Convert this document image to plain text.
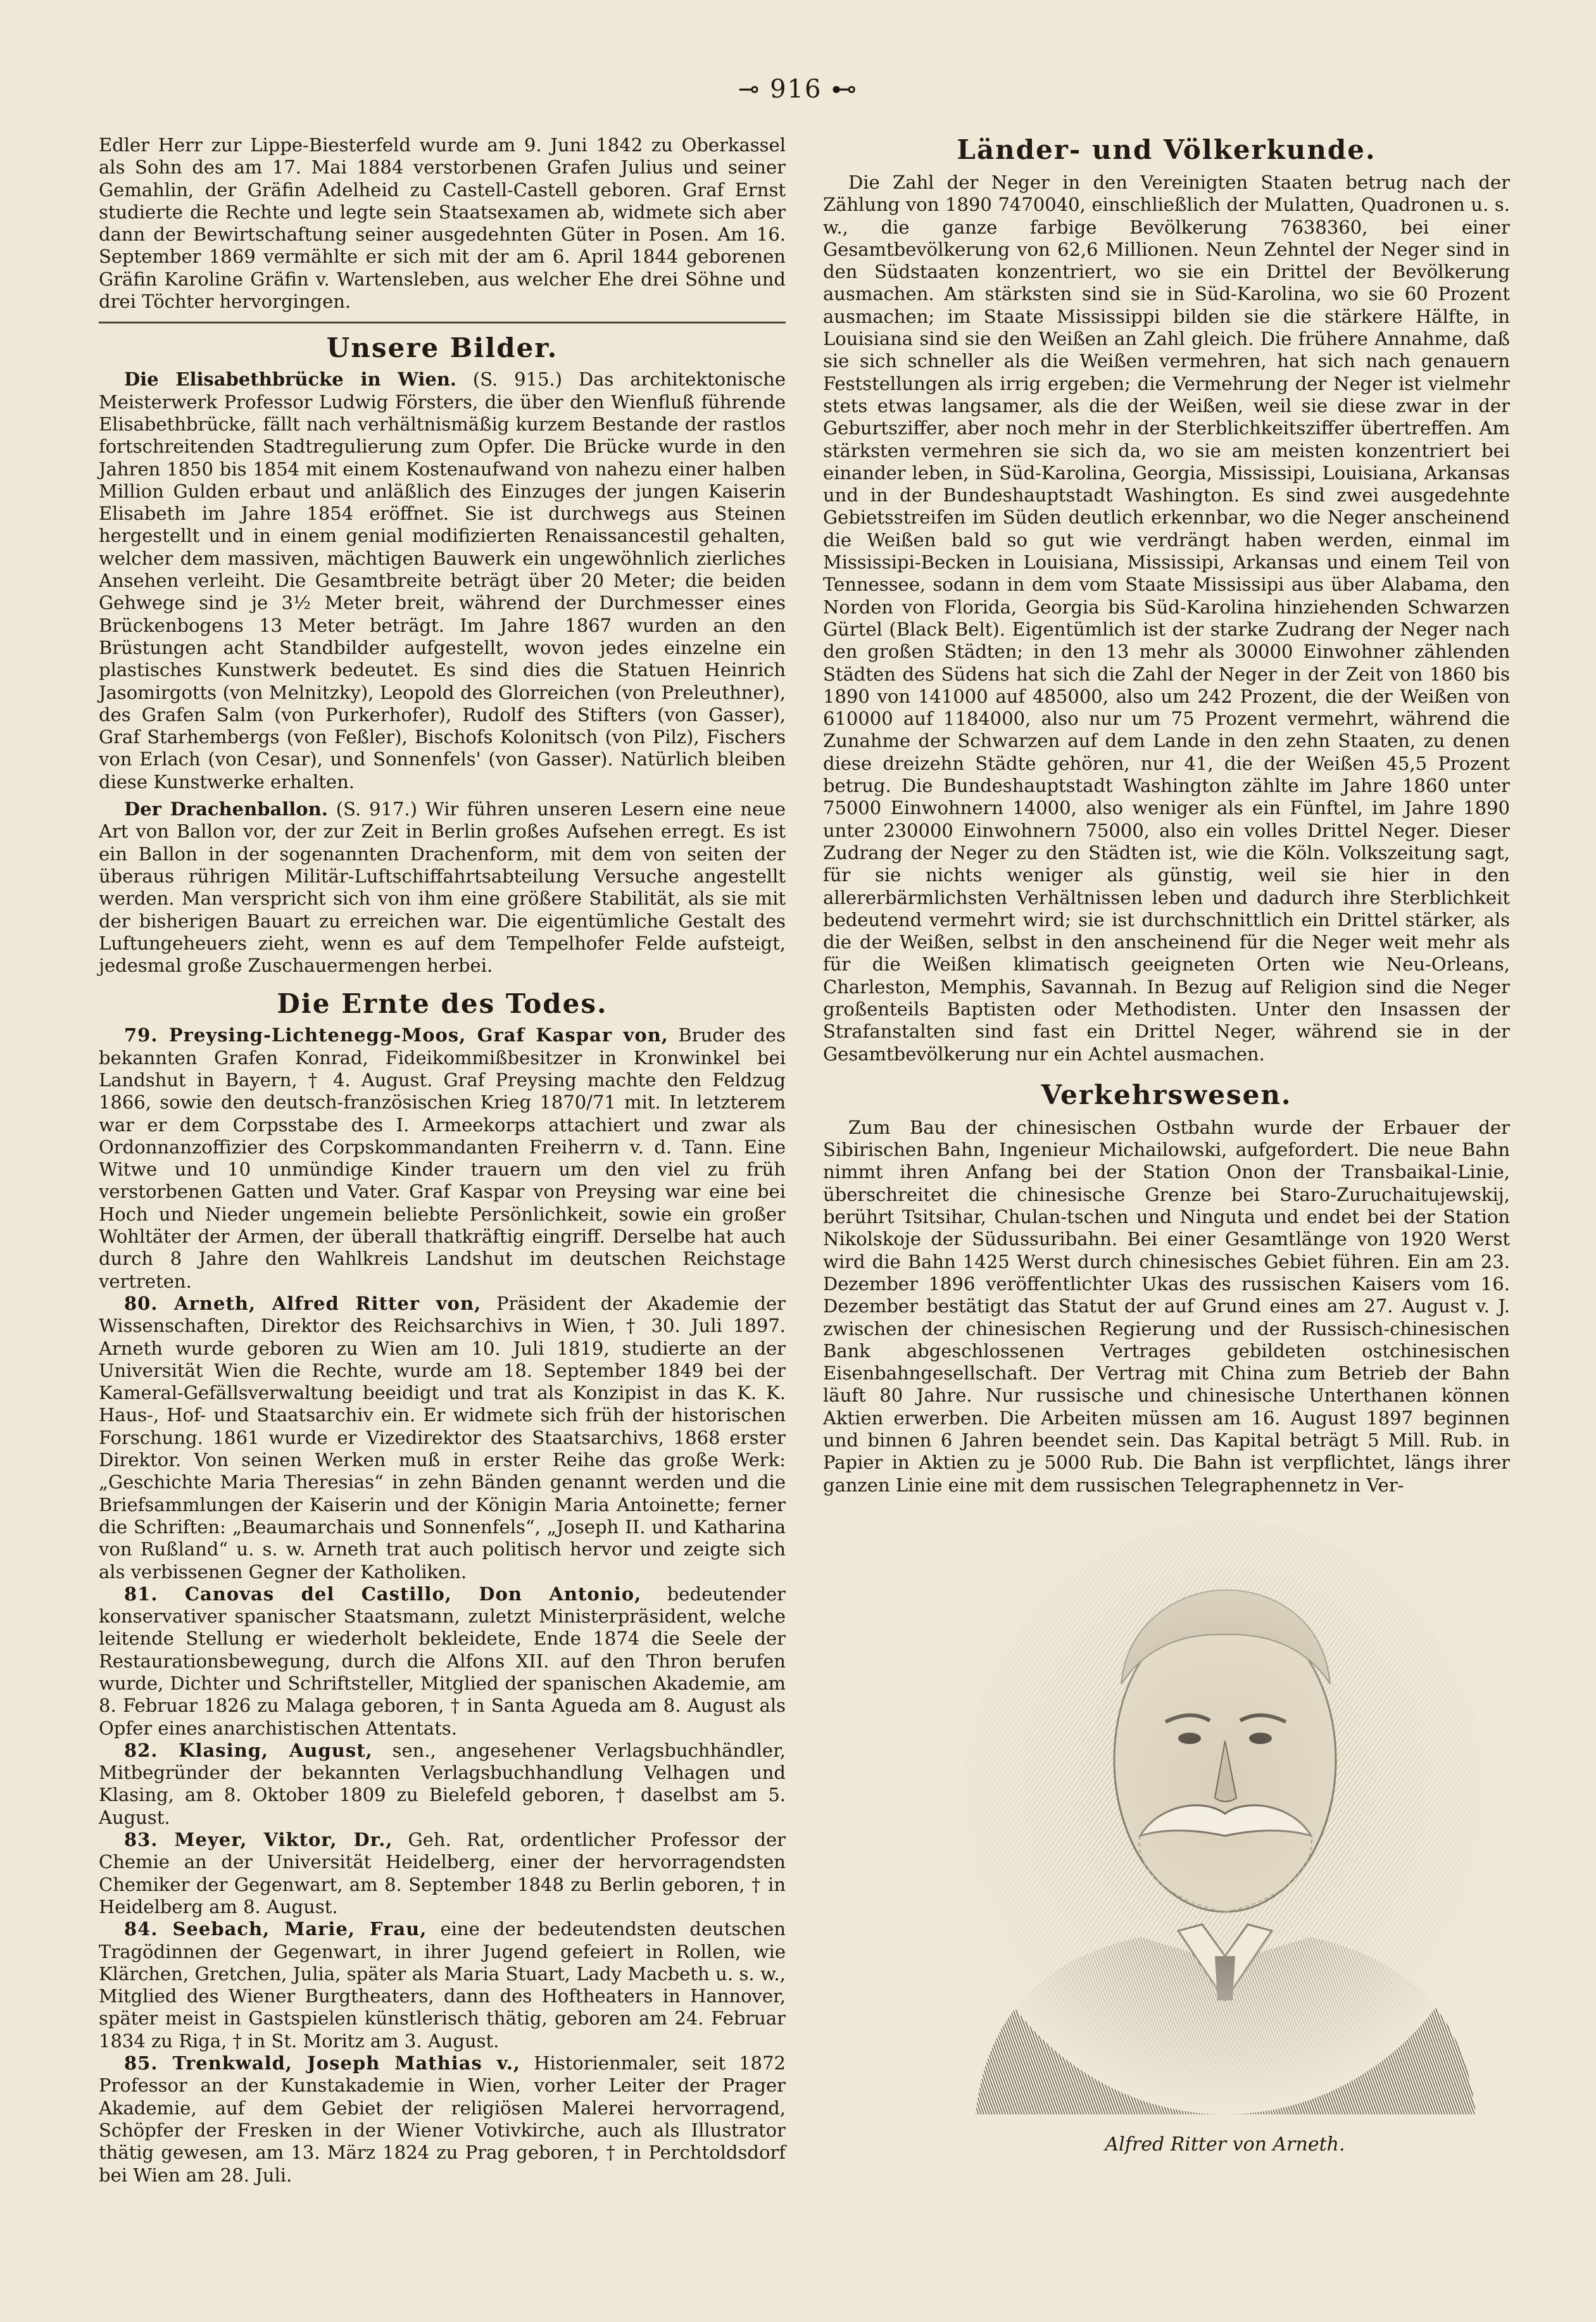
⊸ 916 ⊷

Edler Herr zur Lippe-Biesterfeld wurde am 9. Juni 1842 zu Oberkassel als Sohn des am 17. Mai 1884 verstorbenen Grafen Julius und seiner Gemahlin, der Gräfin Adelheid zu Castell-Castell geboren. Graf Ernst studierte die Rechte und legte sein Staatsexamen ab, widmete sich aber dann der Bewirtschaftung seiner ausgedehnten Güter in Posen. Am 16. September 1869 vermählte er sich mit der am 6. April 1844 geborenen Gräfin Karoline Gräfin v. Wartensleben, aus welcher Ehe drei Söhne und drei Töchter hervorgingen.

Unsere Bilder.

Die Elisabethbrücke in Wien. (S. 915.) Das architektonische Meisterwerk Professor Ludwig Försters, die über den Wienfluß führende Elisabethbrücke, fällt nach verhältnismäßig kurzem Bestande der rastlos fortschreitenden Stadtregulierung zum Opfer. Die Brücke wurde in den Jahren 1850 bis 1854 mit einem Kostenaufwand von nahezu einer halben Million Gulden erbaut und anläßlich des Einzuges der jungen Kaiserin Elisabeth im Jahre 1854 eröffnet. Sie ist durchwegs aus Steinen hergestellt und in einem genial modifizierten Renaissancestil gehalten, welcher dem massiven, mächtigen Bauwerk ein ungewöhnlich zierliches Ansehen verleiht. Die Gesamtbreite beträgt über 20 Meter; die beiden Gehwege sind je 3½ Meter breit, während der Durchmesser eines Brückenbogens 13 Meter beträgt. Im Jahre 1867 wurden an den Brüstungen acht Standbilder aufgestellt, wovon jedes einzelne ein plastisches Kunstwerk bedeutet. Es sind dies die Statuen Heinrich Jasomirgotts (von Melnitzky), Leopold des Glorreichen (von Preleuthner), des Grafen Salm (von Purkerhofer), Rudolf des Stifters (von Gasser), Graf Starhembergs (von Feßler), Bischofs Kolonitsch (von Pilz), Fischers von Erlach (von Cesar), und Sonnenfels' (von Gasser). Natürlich bleiben diese Kunstwerke erhalten.

Der Drachenballon. (S. 917.) Wir führen unseren Lesern eine neue Art von Ballon vor, der zur Zeit in Berlin großes Aufsehen erregt. Es ist ein Ballon in der sogenannten Drachenform, mit dem von seiten der überaus rührigen Militär-Luftschiffahrtsabteilung Versuche angestellt werden. Man verspricht sich von ihm eine größere Stabilität, als sie mit der bisherigen Bauart zu erreichen war. Die eigentümliche Gestalt des Luftungeheuers zieht, wenn es auf dem Tempelhofer Felde aufsteigt, jedesmal große Zuschauermengen herbei.

Die Ernte des Todes.

79. Preysing-Lichtenegg-Moos, Graf Kaspar von, Bruder des bekannten Grafen Konrad, Fideikommißbesitzer in Kronwinkel bei Landshut in Bayern, † 4. August. Graf Preysing machte den Feldzug 1866, sowie den deutsch-französischen Krieg 1870/71 mit. In letzterem war er dem Corpsstabe des I. Armeekorps attachiert und zwar als Ordonnanzoffizier des Corpskommandanten Freiherrn v. d. Tann. Eine Witwe und 10 unmündige Kinder trauern um den viel zu früh verstorbenen Gatten und Vater. Graf Kaspar von Preysing war eine bei Hoch und Nieder ungemein beliebte Persönlichkeit, sowie ein großer Wohltäter der Armen, der überall thatkräftig eingriff. Derselbe hat auch durch 8 Jahre den Wahlkreis Landshut im deutschen Reichstage vertreten.

80. Arneth, Alfred Ritter von, Präsident der Akademie der Wissenschaften, Direktor des Reichsarchivs in Wien, † 30. Juli 1897. Arneth wurde geboren zu Wien am 10. Juli 1819, studierte an der Universität Wien die Rechte, wurde am 18. September 1849 bei der Kameral-Gefällsverwaltung beeidigt und trat als Konzipist in das K. K. Haus-, Hof- und Staatsarchiv ein. Er widmete sich früh der historischen Forschung. 1861 wurde er Vizedirektor des Staatsarchivs, 1868 erster Direktor. Von seinen Werken muß in erster Reihe das große Werk: „Geschichte Maria Theresias“ in zehn Bänden genannt werden und die Briefsammlungen der Kaiserin und der Königin Maria Antoinette; ferner die Schriften: „Beaumarchais und Sonnenfels“, „Joseph II. und Katharina von Rußland“ u. s. w. Arneth trat auch politisch hervor und zeigte sich als verbissenen Gegner der Katholiken.

81. Canovas del Castillo, Don Antonio, bedeutender konservativer spanischer Staatsmann, zuletzt Ministerpräsident, welche leitende Stellung er wiederholt bekleidete, Ende 1874 die Seele der Restaurationsbewegung, durch die Alfons XII. auf den Thron berufen wurde, Dichter und Schriftsteller, Mitglied der spanischen Akademie, am 8. Februar 1826 zu Malaga geboren, † in Santa Agueda am 8. August als Opfer eines anarchistischen Attentats.

82. Klasing, August, sen., angesehener Verlagsbuchhändler, Mitbegründer der bekannten Verlagsbuchhandlung Velhagen und Klasing, am 8. Oktober 1809 zu Bielefeld geboren, † daselbst am 5. August.

83. Meyer, Viktor, Dr., Geh. Rat, ordentlicher Professor der Chemie an der Universität Heidelberg, einer der hervorragendsten Chemiker der Gegenwart, am 8. September 1848 zu Berlin geboren, † in Heidelberg am 8. August.

84. Seebach, Marie, Frau, eine der bedeutendsten deutschen Tragödinnen der Gegenwart, in ihrer Jugend gefeiert in Rollen, wie Klärchen, Gretchen, Julia, später als Maria Stuart, Lady Macbeth u. s. w., Mitglied des Wiener Burgtheaters, dann des Hoftheaters in Hannover, später meist in Gastspielen künstlerisch thätig, geboren am 24. Februar 1834 zu Riga, † in St. Moritz am 3. August.

85. Trenkwald, Joseph Mathias v., Historienmaler, seit 1872 Professor an der Kunstakademie in Wien, vorher Leiter der Prager Akademie, auf dem Gebiet der religiösen Malerei hervorragend, Schöpfer der Fresken in der Wiener Votivkirche, auch als Illustrator thätig gewesen, am 13. März 1824 zu Prag geboren, † in Perchtoldsdorf bei Wien am 28. Juli.

Länder- und Völkerkunde.

Die Zahl der Neger in den Vereinigten Staaten betrug nach der Zählung von 1890 7470040, einschließlich der Mulatten, Quadronen u. s. w., die ganze farbige Bevölkerung 7638360, bei einer Gesamtbevölkerung von 62,6 Millionen. Neun Zehntel der Neger sind in den Südstaaten konzentriert, wo sie ein Drittel der Bevölkerung ausmachen. Am stärksten sind sie in Süd-Karolina, wo sie 60 Prozent ausmachen; im Staate Mississippi bilden sie die stärkere Hälfte, in Louisiana sind sie den Weißen an Zahl gleich. Die frühere Annahme, daß sie sich schneller als die Weißen vermehren, hat sich nach genauern Feststellungen als irrig ergeben; die Vermehrung der Neger ist vielmehr stets etwas langsamer, als die der Weißen, weil sie diese zwar in der Geburtsziffer, aber noch mehr in der Sterblichkeitsziffer übertreffen. Am stärksten vermehren sie sich da, wo sie am meisten konzentriert bei einander leben, in Süd-Karolina, Georgia, Mississipi, Louisiana, Arkansas und in der Bundeshauptstadt Washington. Es sind zwei ausgedehnte Gebietsstreifen im Süden deutlich erkennbar, wo die Neger anscheinend die Weißen bald so gut wie verdrängt haben werden, einmal im Mississipi-Becken in Louisiana, Mississipi, Arkansas und einem Teil von Tennessee, sodann in dem vom Staate Mississipi aus über Alabama, den Norden von Florida, Georgia bis Süd-Karolina hinziehenden Schwarzen Gürtel (Black Belt). Eigentümlich ist der starke Zudrang der Neger nach den großen Städten; in den 13 mehr als 30000 Einwohner zählenden Städten des Südens hat sich die Zahl der Neger in der Zeit von 1860 bis 1890 von 141000 auf 485000, also um 242 Prozent, die der Weißen von 610000 auf 1184000, also nur um 75 Prozent vermehrt, während die Zunahme der Schwarzen auf dem Lande in den zehn Staaten, zu denen diese dreizehn Städte gehören, nur 41, die der Weißen 45,5 Prozent betrug. Die Bundeshauptstadt Washington zählte im Jahre 1860 unter 75000 Einwohnern 14000, also weniger als ein Fünftel, im Jahre 1890 unter 230000 Einwohnern 75000, also ein volles Drittel Neger. Dieser Zudrang der Neger zu den Städten ist, wie die Köln. Volkszeitung sagt, für sie nichts weniger als günstig, weil sie hier in den allererbärmlichsten Verhältnissen leben und dadurch ihre Sterblichkeit bedeutend vermehrt wird; sie ist durchschnittlich ein Drittel stärker, als die der Weißen, selbst in den anscheinend für die Neger weit mehr als für die Weißen klimatisch geeigneten Orten wie Neu-Orleans, Charleston, Memphis, Savannah. In Bezug auf Religion sind die Neger großenteils Baptisten oder Methodisten. Unter den Insassen der Strafanstalten sind fast ein Drittel Neger, während sie in der Gesamtbevölkerung nur ein Achtel ausmachen.

Verkehrswesen.

Zum Bau der chinesischen Ostbahn wurde der Erbauer der Sibirischen Bahn, Ingenieur Michailowski, aufgefordert. Die neue Bahn nimmt ihren Anfang bei der Station Onon der Transbaikal-Linie, überschreitet die chinesische Grenze bei Staro-Zuruchaitujewskij, berührt Tsitsihar, Chulan-tschen und Ninguta und endet bei der Station Nikolskoje der Südussuribahn. Bei einer Gesamtlänge von 1920 Werst wird die Bahn 1425 Werst durch chinesisches Gebiet führen. Ein am 23. Dezember 1896 veröffentlichter Ukas des russischen Kaisers vom 16. Dezember bestätigt das Statut der auf Grund eines am 27. August v. J. zwischen der chinesischen Regierung und der Russisch-chinesischen Bank abgeschlossenen Vertrages gebildeten ostchinesischen Eisenbahngesellschaft. Der Vertrag mit China zum Betrieb der Bahn läuft 80 Jahre. Nur russische und chinesische Unterthanen können Aktien erwerben. Die Arbeiten müssen am 16. August 1897 beginnen und binnen 6 Jahren beendet sein. Das Kapital beträgt 5 Mill. Rub. in Papier in Aktien zu je 5000 Rub. Die Bahn ist verpflichtet, längs ihrer ganzen Linie eine mit dem russischen Telegraphennetz in Ver-

Alfred Ritter von Arneth.
